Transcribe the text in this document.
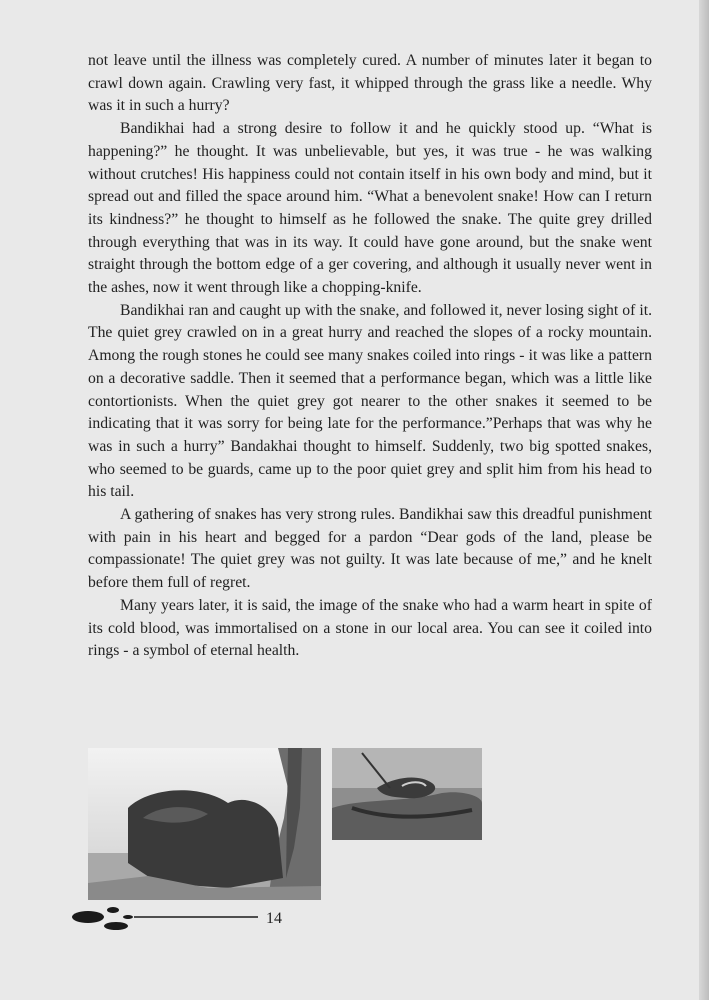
not leave until the illness was completely cured. A number of minutes later it began to crawl down again. Crawling very fast, it whipped through the grass like a needle. Why was it in such a hurry?

Bandikhai had a strong desire to follow it and he quickly stood up. “What is happening?” he thought. It was unbelievable, but yes, it was true - he was walking without crutches! His happiness could not contain itself in his own body and mind, but it spread out and filled the space around him. “What a benevolent snake! How can I return its kindness?” he thought to himself as he followed the snake. The quite grey drilled through everything that was in its way. It could have gone around, but the snake went straight through the bottom edge of a ger covering, and although it usually never went in the ashes, now it went through like a chopping-knife.

Bandikhai ran and caught up with the snake, and followed it, never losing sight of it. The quiet grey crawled on in a great hurry and reached the slopes of a rocky mountain. Among the rough stones he could see many snakes coiled into rings - it was like a pattern on a decorative saddle. Then it seemed that a performance began, which was a little like contortionists. When the quiet grey got nearer to the other snakes it seemed to be indicating that it was sorry for being late for the performance.”Perhaps that was why he was in such a hurry” Bandakhai thought to himself. Suddenly, two big spotted snakes, who seemed to be guards, came up to the poor quiet grey and split him from his head to his tail.

A gathering of snakes has very strong rules. Bandikhai saw this dreadful punishment with pain in his heart and begged for a pardon “Dear gods of the land, please be compassionate! The quiet grey was not guilty. It was late because of me,” and he knelt before them full of regret.

Many years later, it is said, the image of the snake who had a warm heart in spite of its cold blood, was immortalised on a stone in our local area. You can see it coiled into rings - a symbol of eternal health.

14
